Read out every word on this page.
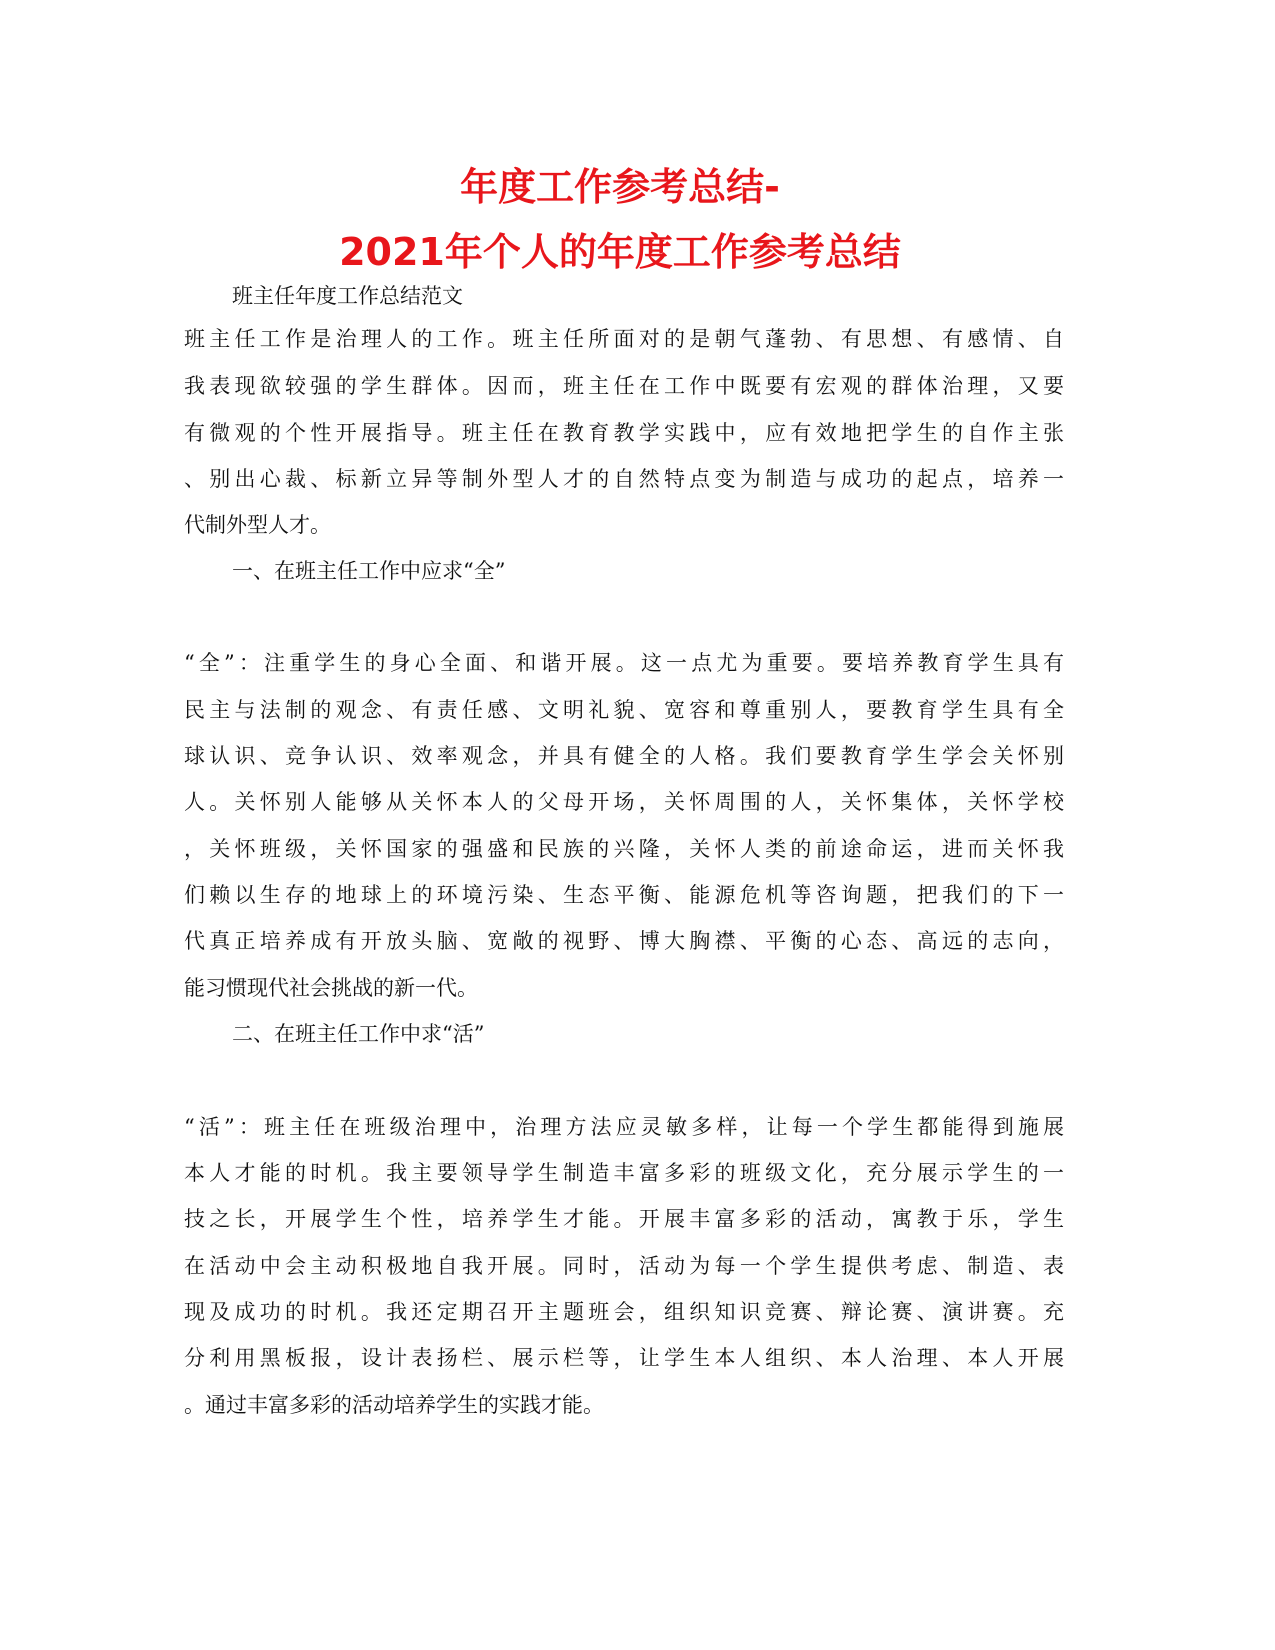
年度工作参考总结-
2021年个人的年度工作参考总结

班主任年度工作总结范文

班主任工作是治理人的工作。班主任所面对的是朝气蓬勃、有思想、有感情、自

我表现欲较强的学生群体。因而，班主任在工作中既要有宏观的群体治理，又要

有微观的个性开展指导。班主任在教育教学实践中，应有效地把学生的自作主张

、别出心裁、标新立异等制外型人才的自然特点变为制造与成功的起点，培养一

代制外型人才。

一、在班主任工作中应求“全”

“全”：注重学生的身心全面、和谐开展。这一点尤为重要。要培养教育学生具有

民主与法制的观念、有责任感、文明礼貌、宽容和尊重别人，要教育学生具有全

球认识、竞争认识、效率观念，并具有健全的人格。我们要教育学生学会关怀别

人。关怀别人能够从关怀本人的父母开场，关怀周围的人，关怀集体，关怀学校

，关怀班级，关怀国家的强盛和民族的兴隆，关怀人类的前途命运，进而关怀我

们赖以生存的地球上的环境污染、生态平衡、能源危机等咨询题，把我们的下一

代真正培养成有开放头脑、宽敞的视野、博大胸襟、平衡的心态、高远的志向，

能习惯现代社会挑战的新一代。

二、在班主任工作中求“活”

“活”：班主任在班级治理中，治理方法应灵敏多样，让每一个学生都能得到施展

本人才能的时机。我主要领导学生制造丰富多彩的班级文化，充分展示学生的一

技之长，开展学生个性，培养学生才能。开展丰富多彩的活动，寓教于乐，学生

在活动中会主动积极地自我开展。同时，活动为每一个学生提供考虑、制造、表

现及成功的时机。我还定期召开主题班会，组织知识竞赛、辩论赛、演讲赛。充

分利用黑板报，设计表扬栏、展示栏等，让学生本人组织、本人治理、本人开展

。通过丰富多彩的活动培养学生的实践才能。
